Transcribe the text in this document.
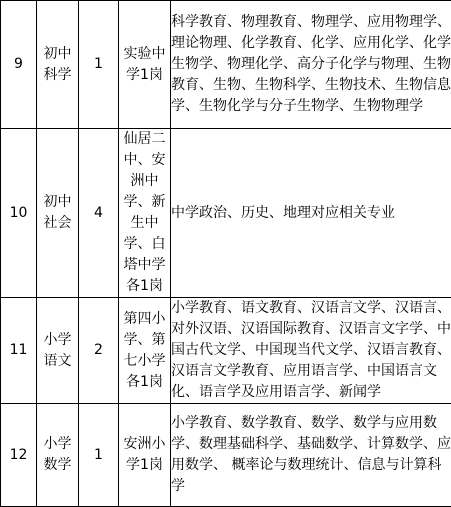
9	初中科学	1	实验中学1岗	科学教育、物理教育、物理学、应用物理学、理论物理、化学教育、化学、应用化学、化学生物学、物理化学、高分子化学与物理、生物教育、生物、生物科学、生物技术、生物信息学、生物化学与分子生物学、生物物理学

10	初中社会	4	仙居二中、安洲中学、新生中学、白塔中学各1岗	中学政治、历史、地理对应相关专业

11	小学语文	2	第四小学、第七小学各1岗	小学教育、语文教育、汉语言文学、汉语言、对外汉语、汉语国际教育、汉语言文字学、中国古代文学、中国现当代文学、汉语言教育、汉语言文学教育、应用语言学、中国语言文化、语言学及应用语言学、新闻学

12	小学数学	1	安洲小学1岗	小学教育、数学教育、数学、数学与应用数学、数理基础科学、基础数学、计算数学、应用数学、 概率论与数理统计、信息与计算科学
